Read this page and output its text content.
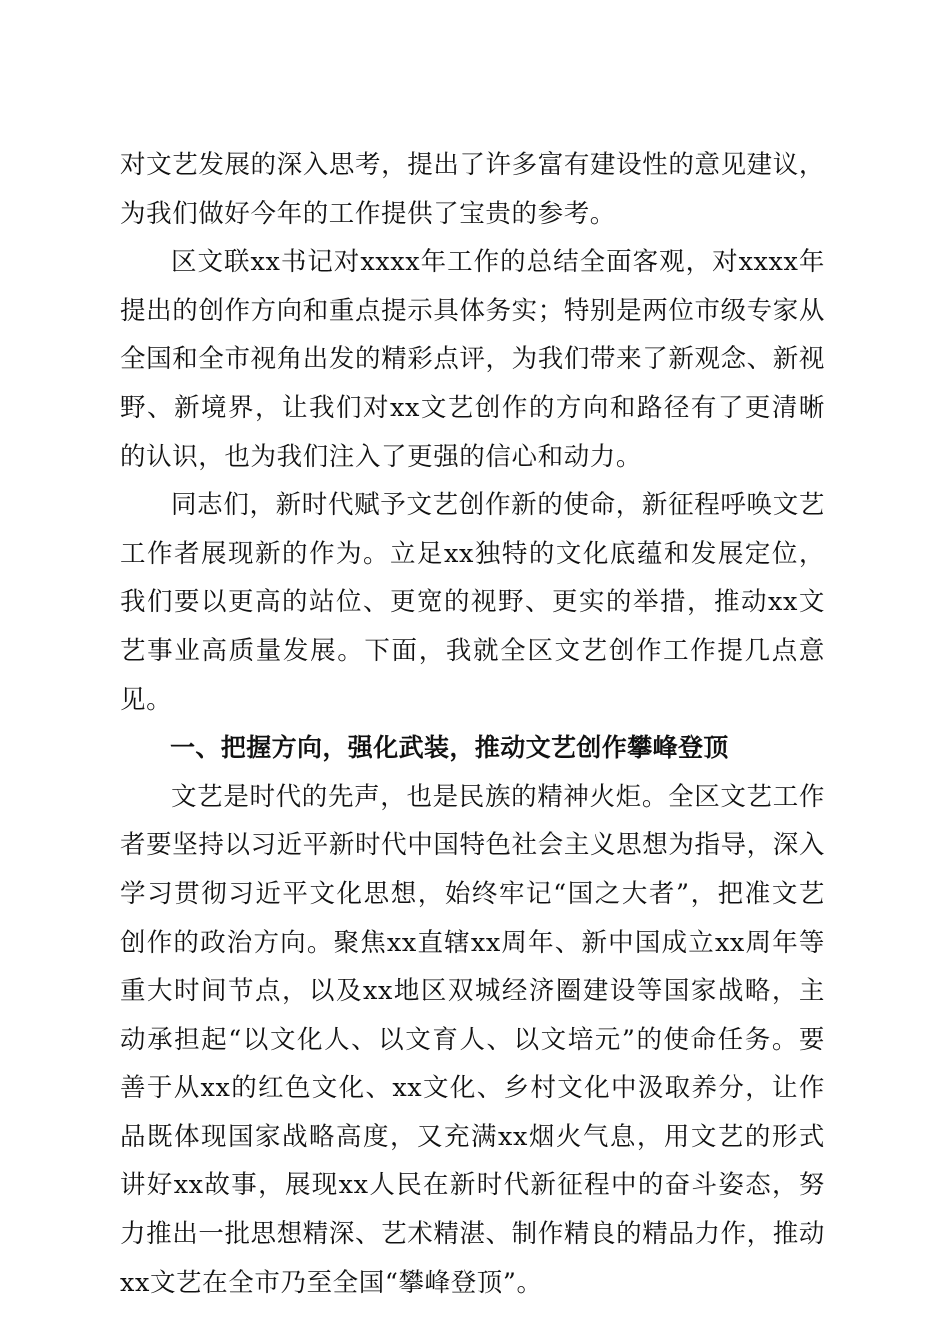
对文艺发展的深入思考，提出了许多富有建设性的意见建议，为我们做好今年的工作提供了宝贵的参考。

区文联xx书记对xxxx年工作的总结全面客观，对xxxx年提出的创作方向和重点提示具体务实；特别是两位市级专家从全国和全市视角出发的精彩点评，为我们带来了新观念、新视野、新境界，让我们对xx文艺创作的方向和路径有了更清晰的认识，也为我们注入了更强的信心和动力。

同志们，新时代赋予文艺创作新的使命，新征程呼唤文艺工作者展现新的作为。立足xx独特的文化底蕴和发展定位，我们要以更高的站位、更宽的视野、更实的举措，推动xx文艺事业高质量发展。下面，我就全区文艺创作工作提几点意见。

一、把握方向，强化武装，推动文艺创作攀峰登顶

文艺是时代的先声，也是民族的精神火炬。全区文艺工作者要坚持以习近平新时代中国特色社会主义思想为指导，深入学习贯彻习近平文化思想，始终牢记“国之大者”，把准文艺创作的政治方向。聚焦xx直辖xx周年、新中国成立xx周年等重大时间节点，以及xx地区双城经济圈建设等国家战略，主动承担起“以文化人、以文育人、以文培元”的使命任务。要善于从xx的红色文化、xx文化、乡村文化中汲取养分，让作品既体现国家战略高度，又充满xx烟火气息，用文艺的形式讲好xx故事，展现xx人民在新时代新征程中的奋斗姿态，努力推出一批思想精深、艺术精湛、制作精良的精品力作，推动xx文艺在全市乃至全国“攀峰登顶”。
